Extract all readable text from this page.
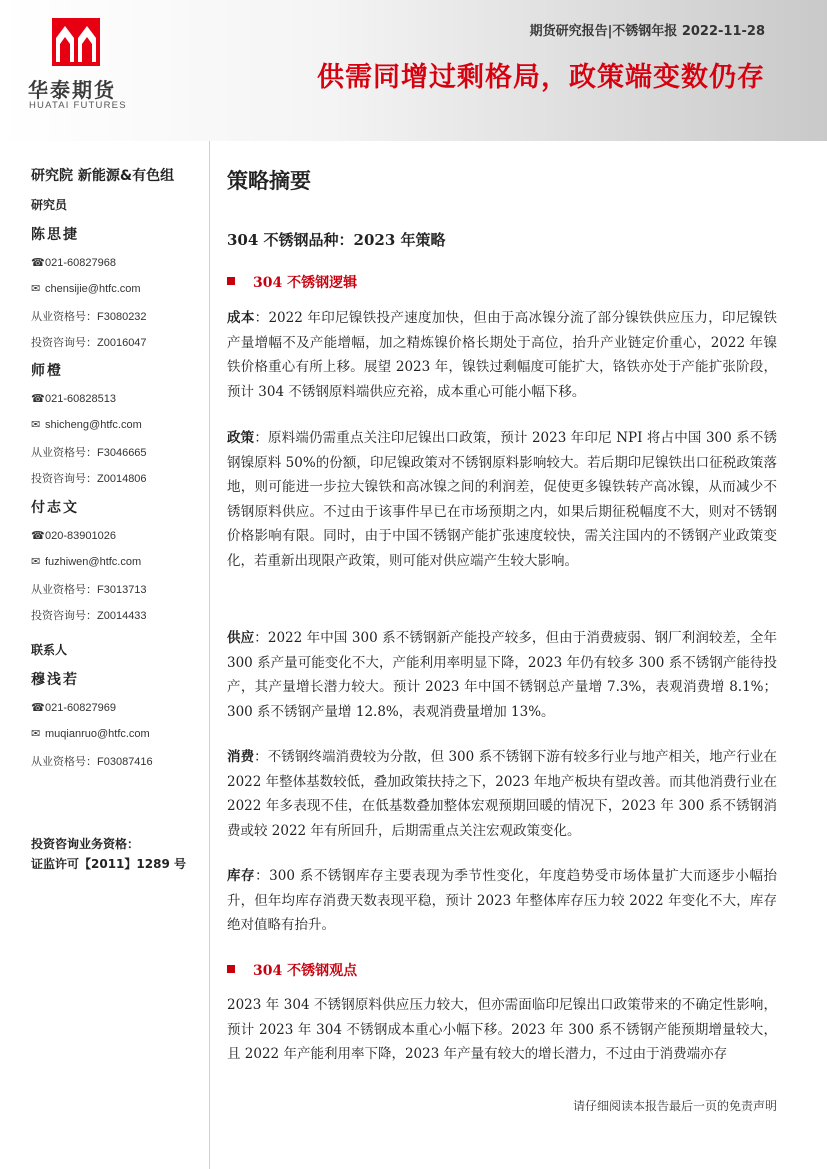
华泰期货
HUATAI FUTURES
期货研究报告|不锈钢年报 2022-11-28
供需同增过剩格局，政策端变数仍存
研究院 新能源&有色组
研究员
陈思捷
☎021-60827968
✉ chensijie@htfc.com
从业资格号：F3080232
投资咨询号：Z0016047
师橙
☎021-60828513
✉ shicheng@htfc.com
从业资格号：F3046665
投资咨询号：Z0014806
付志文
☎020-83901026
✉ fuzhiwen@htfc.com
从业资格号：F3013713
投资咨询号：Z0014433
联系人
穆浅若
☎021-60827969
✉ muqianruo@htfc.com
从业资格号：F03087416
投资咨询业务资格：
证监许可【2011】1289 号
策略摘要
304 不锈钢品种：2023 年策略
304 不锈钢逻辑
成本：2022 年印尼镍铁投产速度加快，但由于高冰镍分流了部分镍铁供应压力，印尼镍铁产量增幅不及产能增幅，加之精炼镍价格长期处于高位，抬升产业链定价重心，2022 年镍铁价格重心有所上移。展望 2023 年，镍铁过剩幅度可能扩大，铬铁亦处于产能扩张阶段，预计 304 不锈钢原料端供应充裕，成本重心可能小幅下移。
政策：原料端仍需重点关注印尼镍出口政策，预计 2023 年印尼 NPI 将占中国 300 系不锈钢镍原料 50%的份额，印尼镍政策对不锈钢原料影响较大。若后期印尼镍铁出口征税政策落地，则可能进一步拉大镍铁和高冰镍之间的利润差，促使更多镍铁转产高冰镍，从而减少不锈钢原料供应。不过由于该事件早已在市场预期之内，如果后期征税幅度不大，则对不锈钢价格影响有限。同时，由于中国不锈钢产能扩张速度较快，需关注国内的不锈钢产业政策变化，若重新出现限产政策，则可能对供应端产生较大影响。
供应：2022 年中国 300 系不锈钢新产能投产较多，但由于消费疲弱、钢厂利润较差，全年 300 系产量可能变化不大，产能利用率明显下降，2023 年仍有较多 300 系不锈钢产能待投产，其产量增长潜力较大。预计 2023 年中国不锈钢总产量增 7.3%，表观消费增 8.1%；300 系不锈钢产量增 12.8%，表观消费量增加 13%。
消费：不锈钢终端消费较为分散，但 300 系不锈钢下游有较多行业与地产相关，地产行业在 2022 年整体基数较低，叠加政策扶持之下，2023 年地产板块有望改善。而其他消费行业在 2022 年多表现不佳，在低基数叠加整体宏观预期回暖的情况下，2023 年 300 系不锈钢消费或较 2022 年有所回升，后期需重点关注宏观政策变化。
库存：300 系不锈钢库存主要表现为季节性变化，年度趋势受市场体量扩大而逐步小幅抬升，但年均库存消费天数表现平稳，预计 2023 年整体库存压力较 2022 年变化不大，库存绝对值略有抬升。
304 不锈钢观点
2023 年 304 不锈钢原料供应压力较大，但亦需面临印尼镍出口政策带来的不确定性影响，预计 2023 年 304 不锈钢成本重心小幅下移。2023 年 300 系不锈钢产能预期增量较大，且 2022 年产能利用率下降，2023 年产量有较大的增长潜力，不过由于消费端亦存
请仔细阅读本报告最后一页的免责声明
